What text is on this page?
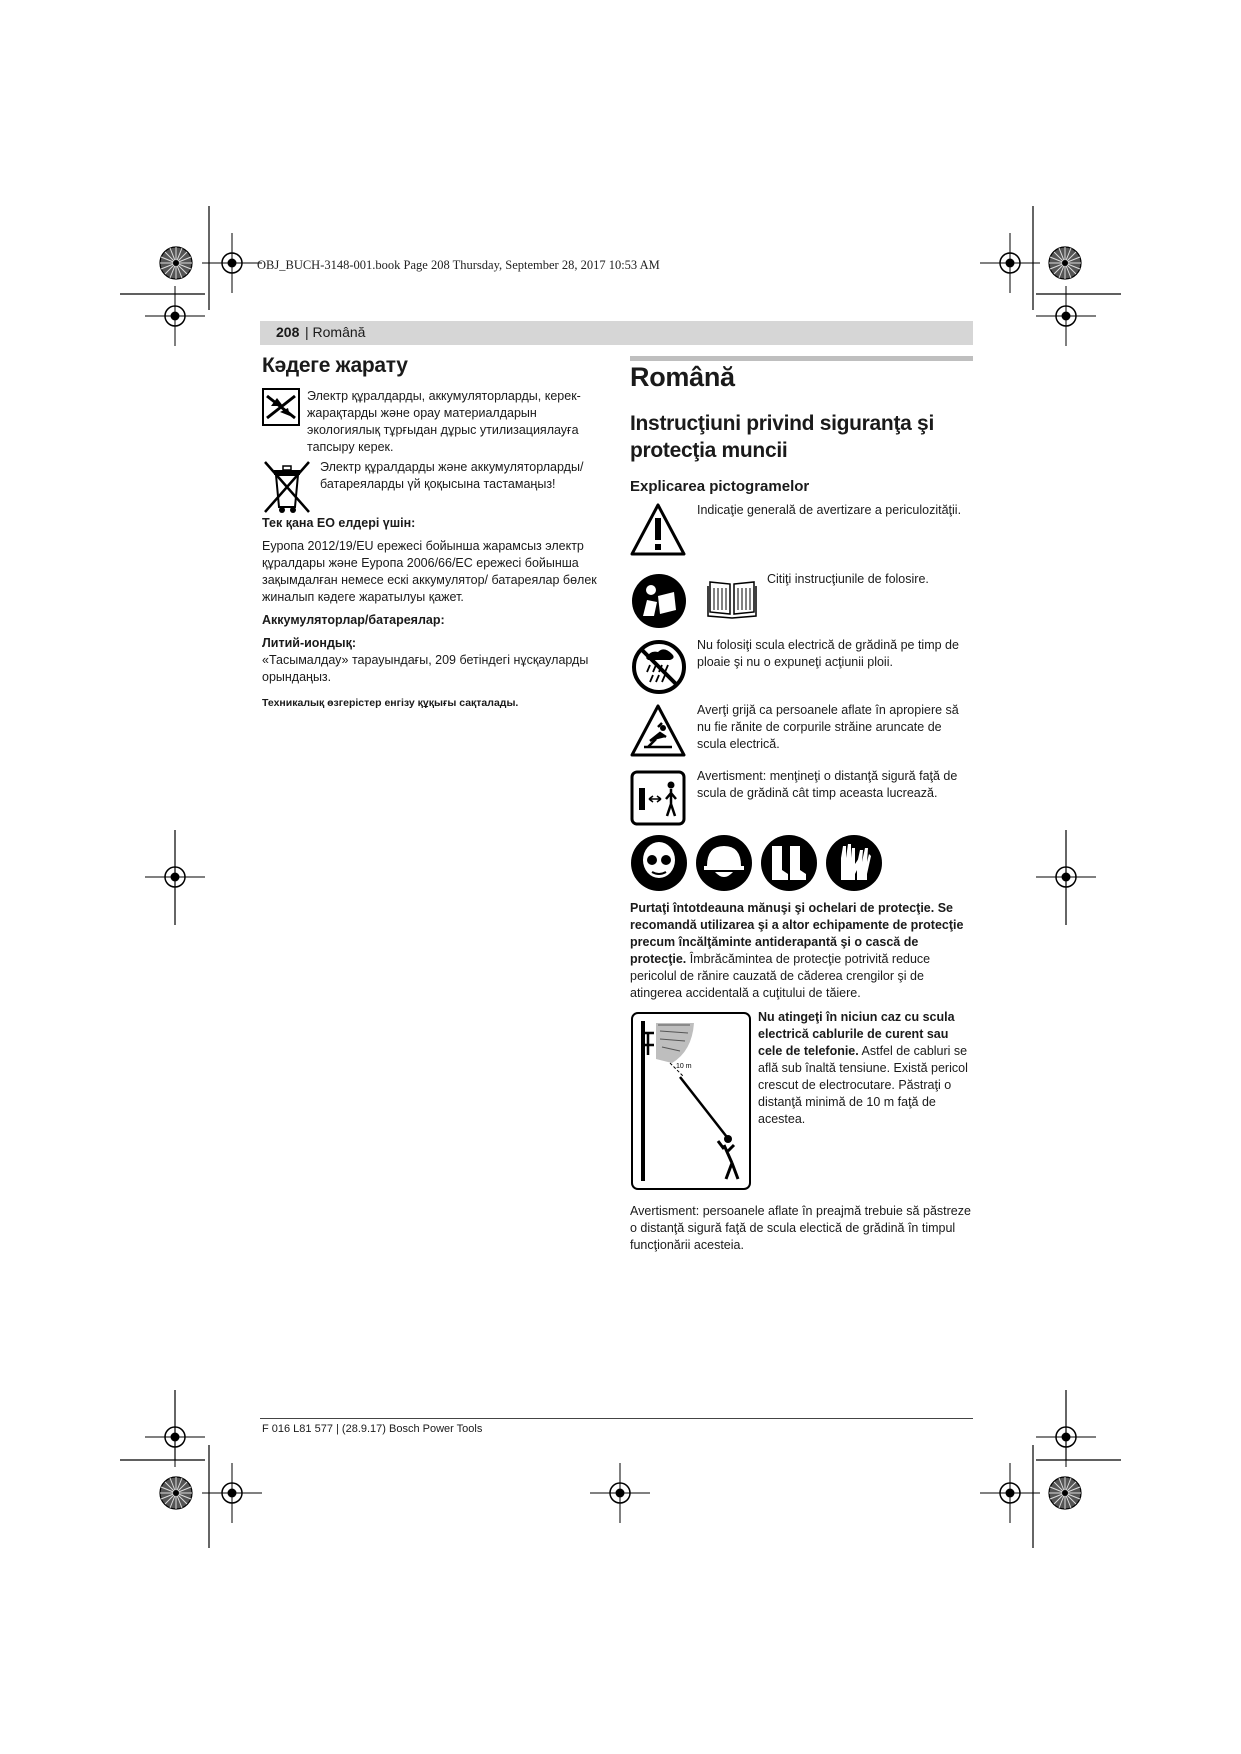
OBJ_BUCH-3148-001.book Page 208 Thursday, September 28, 2017 10:53 AM
208 | Română
Кәдеге жарату
Электр құралдарды, аккумуляторларды, керек-жарақтарды және орау материалдарын экологиялық тұрғыдан дұрыс утилизациялауға тапсыру керек.
Электр құралдарды және аккумуляторларды/батареяларды үй қоқысына тастамаңыз!

Тек қана ЕО елдері үшін:

Еуропа 2012/19/EU ережесі бойынша жарамсыз электр құралдары және Еуропа 2006/66/EC ережесі бойынша зақымдалған немесе ескі аккумулятор/ батареялар бөлек жиналып кәдеге жаратылуы қажет.

Аккумуляторлар/батареялар:

Литий-иондық:

«Тасымалдау» тарауындағы, 209 бетіндегі нұсқауларды орындаңыз.

Техникалық өзгерістер енгізу құқығы сақталады.
Română
Instrucţiuni privind siguranţa şi protecţia muncii
Explicarea pictogramelor
Indicaţie generală de avertizare a periculozităţii.
Citiţi instrucţiunile de folosire.
Nu folosiţi scula electrică de grădină pe timp de ploaie şi nu o expuneţi acţiunii ploii.
Averţi grijă ca persoanele aflate în apropiere să nu fie rănite de corpurile străine aruncate de scula electrică.
Avertisment: menţineţi o distanţă sigură faţă de scula de grădină cât timp aceasta lucrează.
Purtaţi întotdeauna mănuşi şi ochelari de protecţie. Se recomandă utilizarea şi a altor echipamente de protecţie precum încălţăminte antiderapantă şi o cască de protecţie. Îmbrăcămintea de protecţie potrivită reduce pericolul de rănire cauzată de căderea crengilor şi de atingerea accidentală a cuţitului de tăiere.
10 m
Nu atingeţi în niciun caz cu scula electrică cablurile de curent sau cele de telefonie. Astfel de cabluri se află sub înaltă tensiune. Există pericol crescut de electrocutare. Păstraţi o distanţă minimă de 10 m faţă de acestea.
Avertisment: persoanele aflate în preajmă trebuie să păstreze o distanţă sigură faţă de scula electică de grădină în timpul funcţionării acesteia.
F 016 L81 577 | (28.9.17) Bosch Power Tools
